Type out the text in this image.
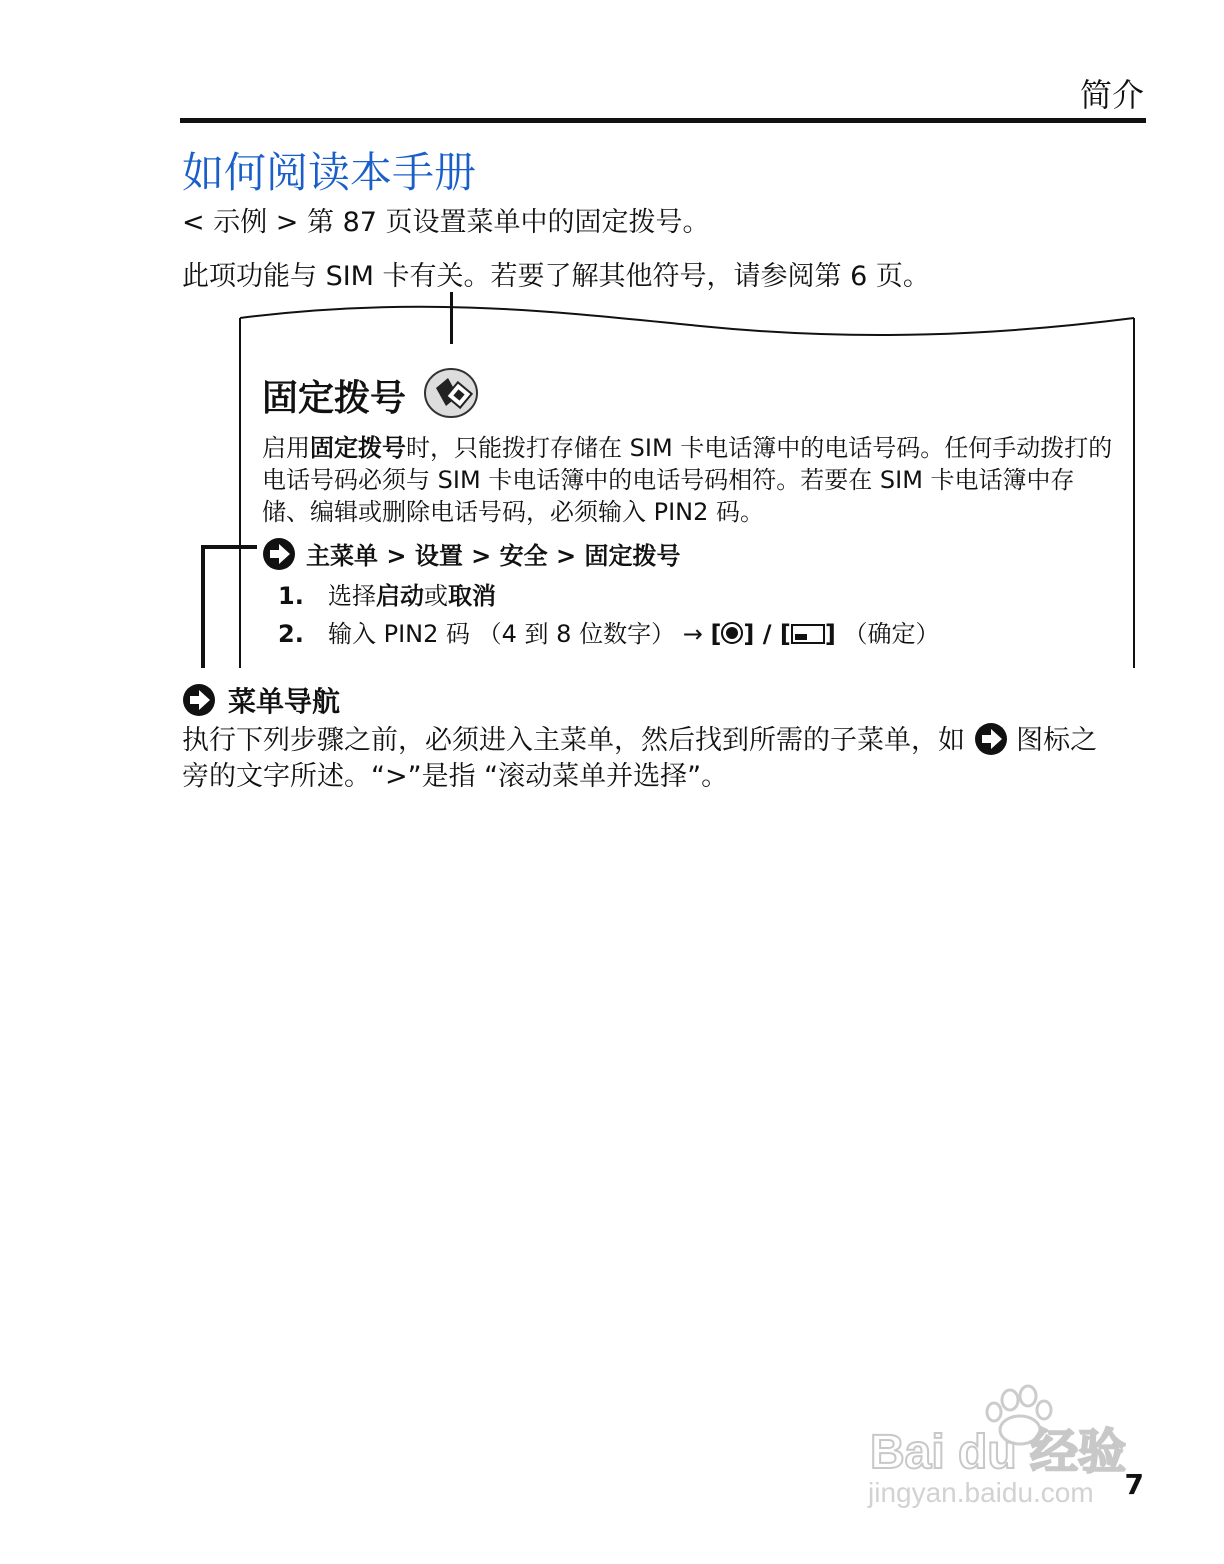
简介
如何阅读本手册
< 示例 > 第 87 页设置菜单中的固定拨号。
此项功能与 SIM 卡有关。若要了解其他符号，请参阅第 6 页。
固定拨号
启用固定拨号时，只能拨打存储在 SIM 卡电话簿中的电话号码。任何手动拨打的电话号码必须与 SIM 卡电话簿中的电话号码相符。若要在 SIM 卡电话簿中存储、编辑或删除电话号码，必须输入 PIN2 码。
主菜单 > 设置 > 安全 > 固定拨号
1. 选择启动或取消
2. 输入 PIN2 码 （4 到 8 位数字） → [ ] / [ ] （确定）
菜单导航
执行下列步骤之前，必须进入主菜单，然后找到所需的子菜单，如  图标之旁的文字所述。“>”是指 “滚动菜单并选择”。
Bai du 经验
jingyan.baidu.com 7
